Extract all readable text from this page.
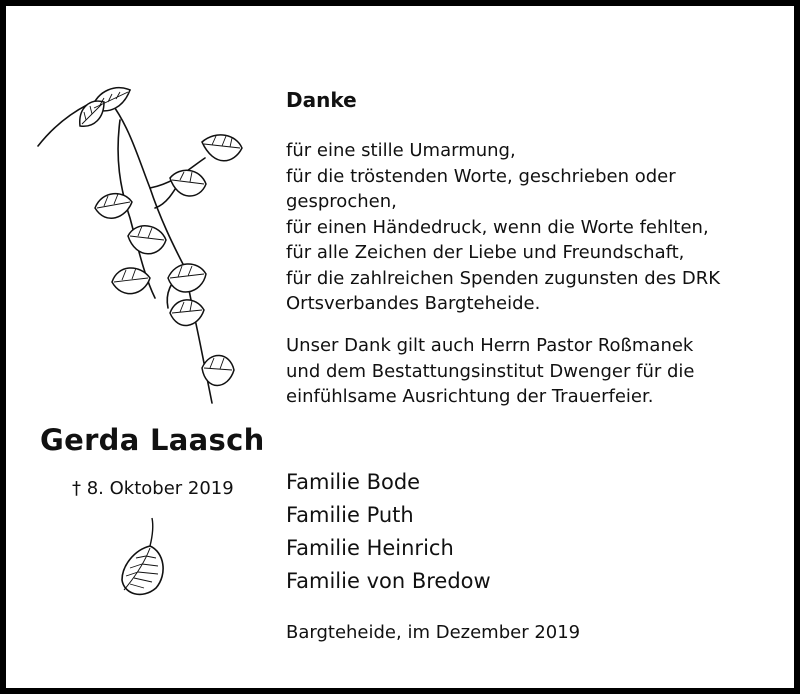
Gerda Laasch
† 8. Oktober 2019
Danke
für eine stille Umarmung,
für die tröstenden Worte, geschrieben oder
gesprochen,
für einen Händedruck, wenn die Worte fehlten,
für alle Zeichen der Liebe und Freundschaft,
für die zahlreichen Spenden zugunsten des DRK
Ortsverbandes Bargteheide.
Unser Dank gilt auch Herrn Pastor Roßmanek
und dem Bestattungsinstitut Dwenger für die
einfühlsame Ausrichtung der Trauerfeier.
Familie Bode
Familie Puth
Familie Heinrich
Familie von Bredow
Bargteheide, im Dezember 2019
